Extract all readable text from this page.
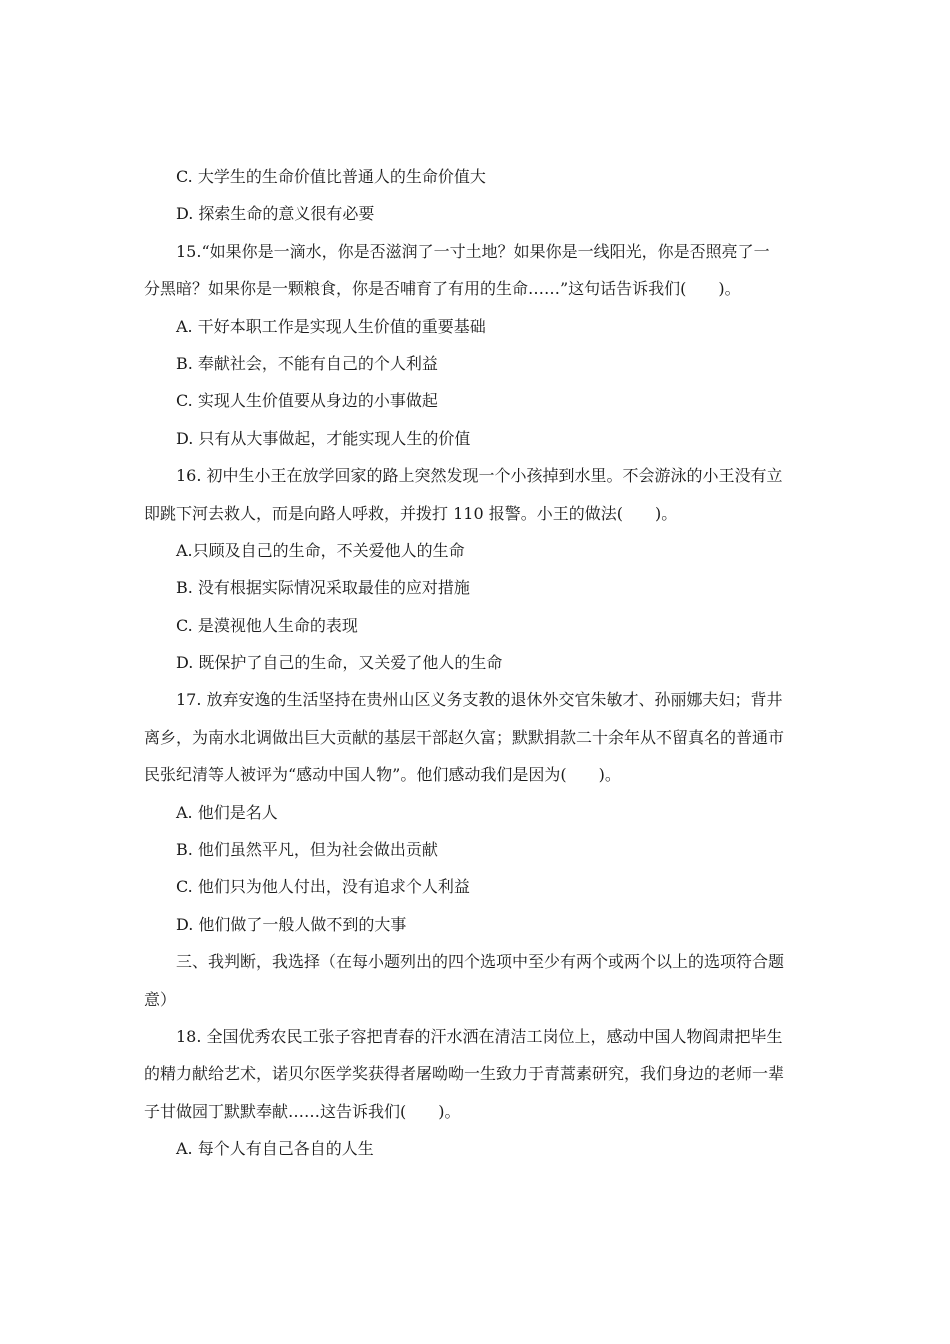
C. 大学生的生命价值比普通人的生命价值大
D. 探索生命的意义很有必要
15.“如果你是一滴水，你是否滋润了一寸土地？如果你是一线阳光，你是否照亮了一
分黑暗？如果你是一颗粮食，你是否哺育了有用的生命……”这句话告诉我们(　　)。
A. 干好本职工作是实现人生价值的重要基础
B. 奉献社会，不能有自己的个人利益
C. 实现人生价值要从身边的小事做起
D. 只有从大事做起，才能实现人生的价值
16. 初中生小王在放学回家的路上突然发现一个小孩掉到水里。不会游泳的小王没有立
即跳下河去救人，而是向路人呼救，并拨打 110 报警。小王的做法(　　)。
A.只顾及自己的生命，不关爱他人的生命
B. 没有根据实际情况采取最佳的应对措施
C. 是漠视他人生命的表现
D. 既保护了自己的生命，又关爱了他人的生命
17. 放弃安逸的生活坚持在贵州山区义务支教的退休外交官朱敏才、孙丽娜夫妇；背井
离乡，为南水北调做出巨大贡献的基层干部赵久富；默默捐款二十余年从不留真名的普通市
民张纪清等人被评为“感动中国人物”。他们感动我们是因为(　　)。
A. 他们是名人
B. 他们虽然平凡，但为社会做出贡献
C. 他们只为他人付出，没有追求个人利益
D. 他们做了一般人做不到的大事
三、我判断，我选择（在每小题列出的四个选项中至少有两个或两个以上的选项符合题
意）
18. 全国优秀农民工张子容把青春的汗水洒在清洁工岗位上，感动中国人物阎肃把毕生
的精力献给艺术，诺贝尔医学奖获得者屠呦呦一生致力于青蒿素研究，我们身边的老师一辈
子甘做园丁默默奉献……这告诉我们(　　)。
A. 每个人有自己各自的人生
